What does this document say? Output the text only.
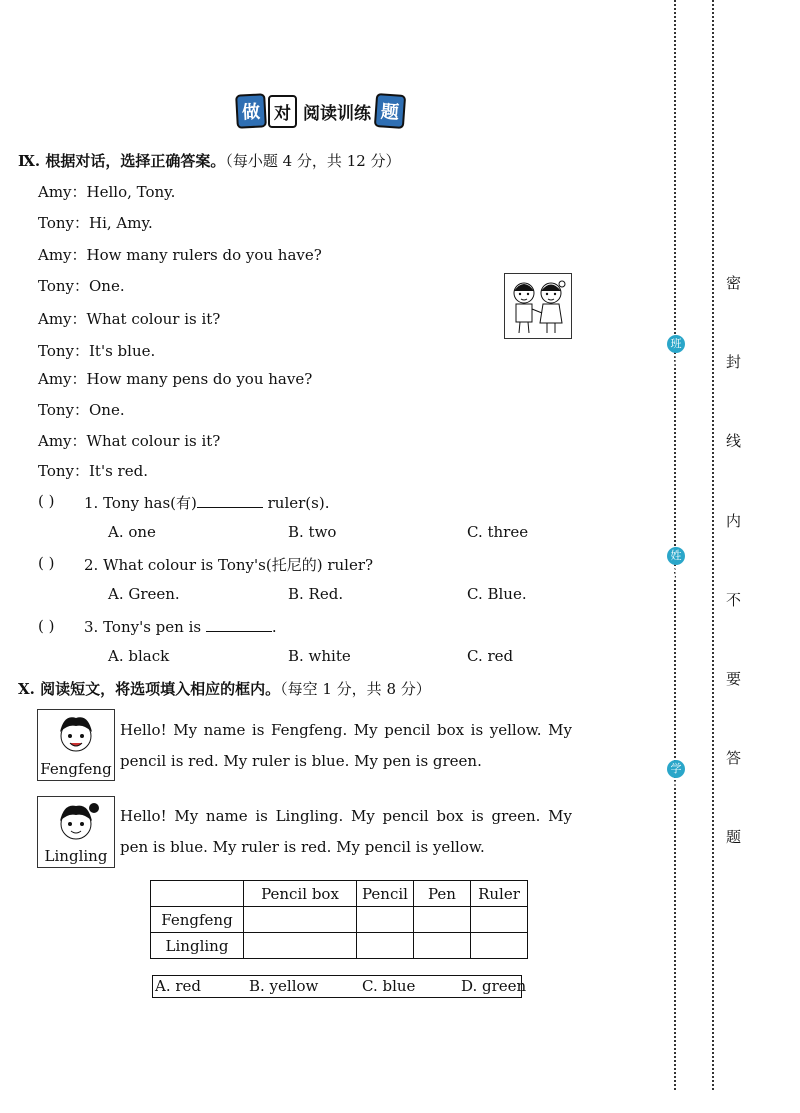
做 对 阅读训练 题
Ⅸ. 根据对话，选择正确答案。（每小题 4 分，共 12 分）
Amy：Hello, Tony.
Tony：Hi, Amy.
Amy：How many rulers do you have?
Tony：One.
Amy：What colour is it?
Tony：It's blue.
Amy：How many pens do you have?
Tony：One.
Amy：What colour is it?
Tony：It's red.
( ) 1. Tony has(有)	ruler(s).
A. one	B. two	C. three
( ) 2. What colour is Tony's(托尼的) ruler?
A. Green.	B. Red.	C. Blue.
( ) 3. Tony's pen is	.
A. black	B. white	C. red
Ⅹ. 阅读短文，将选项填入相应的框内。（每空 1 分，共 8 分）
Fengfeng
Hello! My name is Fengfeng. My pencil box is yellow. My pencil is red. My ruler is blue. My pen is green.
Lingling
Hello! My name is Lingling. My pencil box is green. My pen is blue. My ruler is red. My pencil is yellow.
	Pencil box	Pencil	Pen	Ruler
Fengfeng				
Lingling				
A. red	B. yellow	C. blue	D. green
班级
姓名
学号
密
封
线
内
不
要
答
题
